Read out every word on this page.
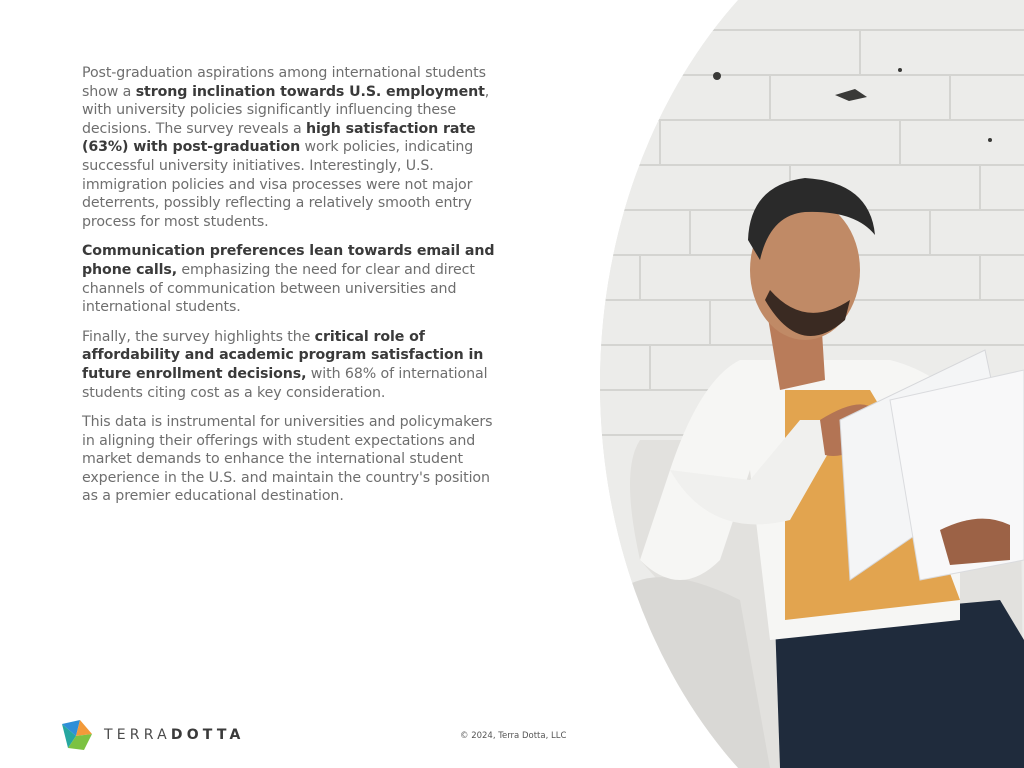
Post-graduation aspirations among international students show a strong inclination towards U.S. employment, with university policies significantly influencing these decisions. The survey reveals a high satisfaction rate (63%) with post-graduation work policies, indicating successful university initiatives. Interestingly, U.S. immigration policies and visa processes were not major deterrents, possibly reflecting a relatively smooth entry process for most students.

Communication preferences lean towards email and phone calls, emphasizing the need for clear and direct channels of communication between universities and international students.

Finally, the survey highlights the critical role of affordability and academic program satisfaction in future enrollment decisions, with 68% of international students citing cost as a key consideration.

This data is instrumental for universities and policymakers in aligning their offerings with student expectations and market demands to enhance the international student experience in the U.S. and maintain the country's position as a premier educational destination.

TERRADOTTA	© 2024, Terra Dotta, LLC
